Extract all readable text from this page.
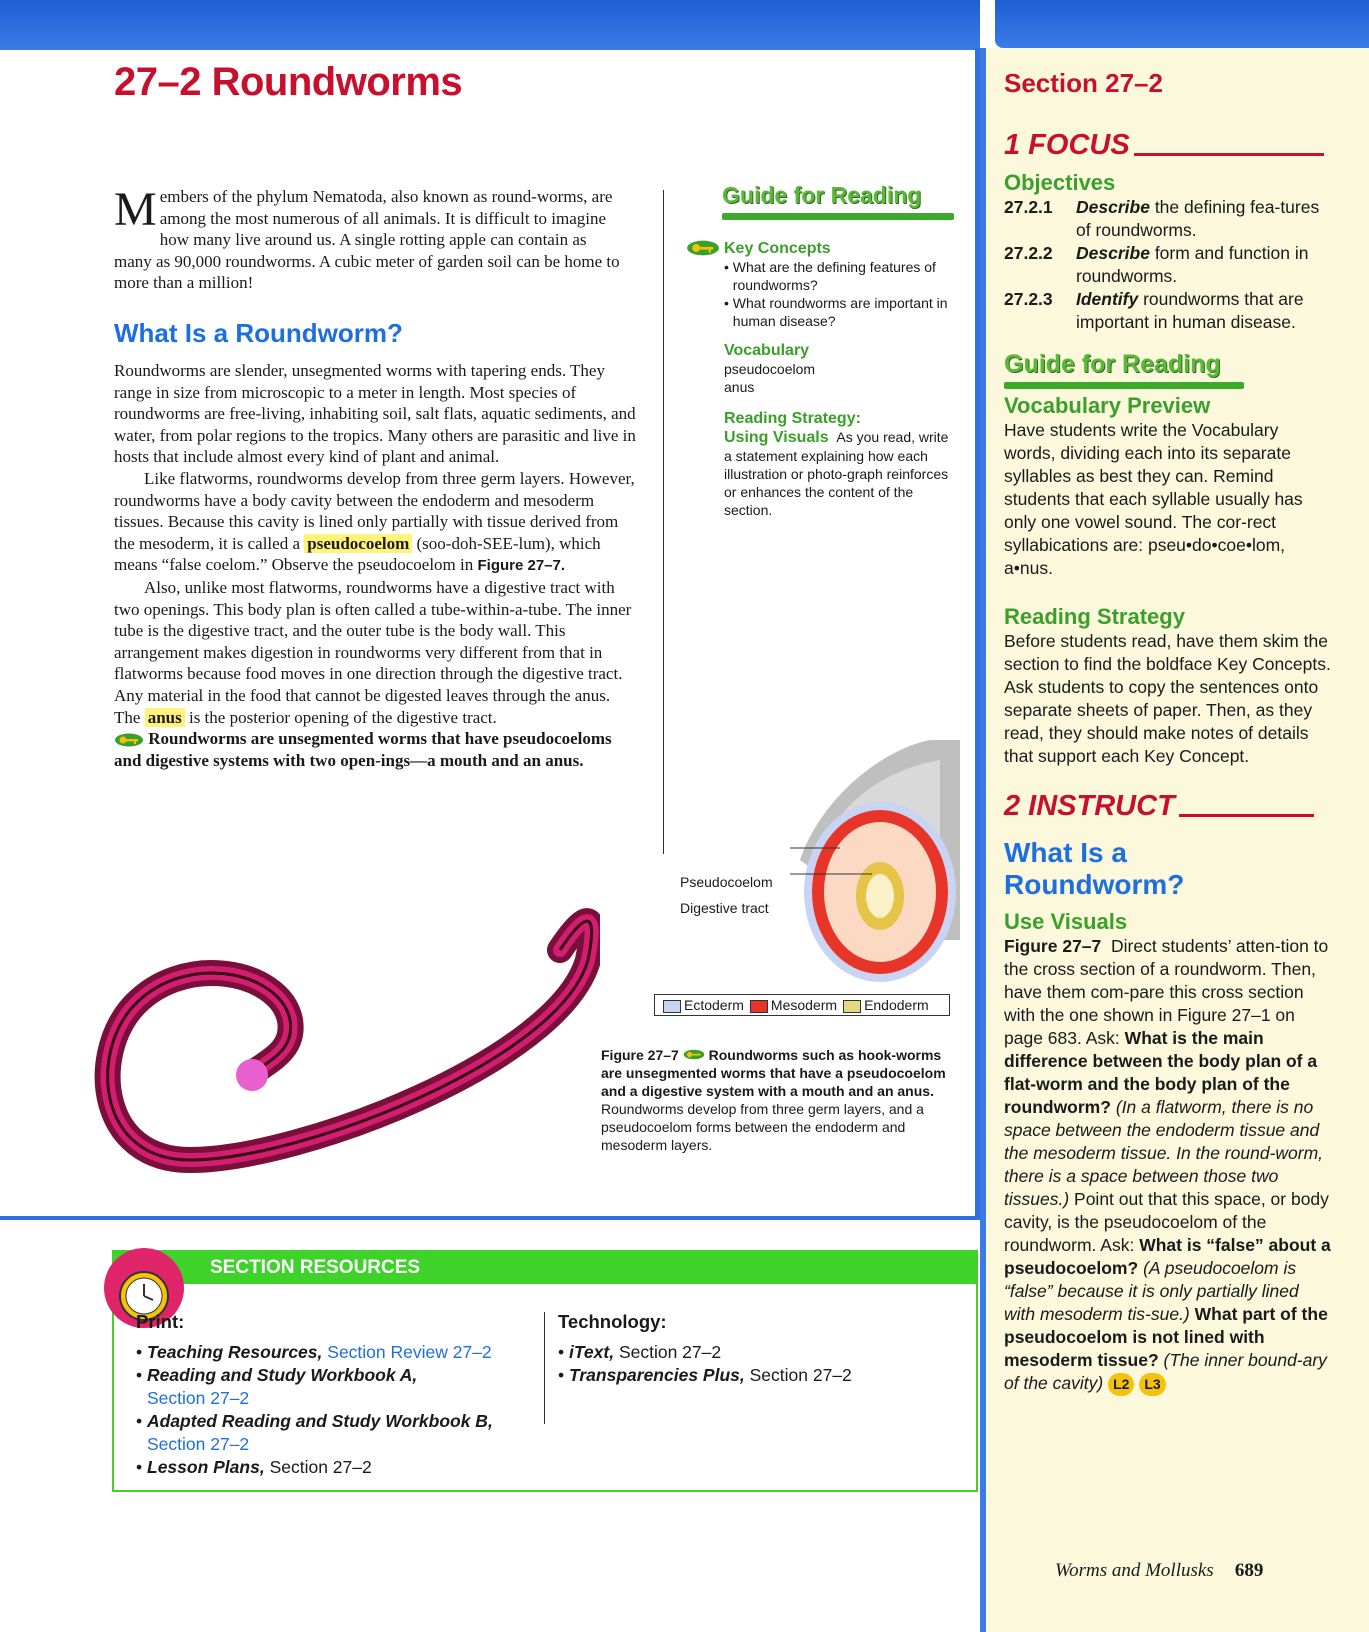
27–2 Roundworms

Members of the phylum Nematoda, also known as round-worms, are among the most numerous of all animals. It is difficult to imagine how many live around us. A single rotting apple can contain as many as 90,000 roundworms. A cubic meter of garden soil can be home to more than a million!

What Is a Roundworm?

Roundworms are slender, unsegmented worms with tapering ends. They range in size from microscopic to a meter in length. Most species of roundworms are free-living, inhabiting soil, salt flats, aquatic sediments, and water, from polar regions to the tropics. Many others are parasitic and live in hosts that include almost every kind of plant and animal.

Like flatworms, roundworms develop from three germ layers. However, roundworms have a body cavity between the endoderm and mesoderm tissues. Because this cavity is lined only partially with tissue derived from the mesoderm, it is called a pseudocoelom (soo-doh-SEE-lum), which means “false coelom.” Observe the pseudocoelom in Figure 27–7.

Also, unlike most flatworms, roundworms have a digestive tract with two openings. This body plan is often called a tube-within-a-tube. The inner tube is the digestive tract, and the outer tube is the body wall. This arrangement makes digestion in roundworms very different from that in flatworms because food moves in one direction through the digestive tract. Any material in the food that cannot be digested leaves through the anus. The anus is the posterior opening of the digestive tract.

Roundworms are unsegmented worms that have pseudocoeloms and digestive systems with two open-ings—a mouth and an anus.

Guide for Reading
Key Concepts
• What are the defining features of roundworms?
• What roundworms are important in human disease?
Vocabulary
pseudocoelom
anus
Reading Strategy:
Using Visuals As you read, write a statement explaining how each illustration or photo-graph reinforces or enhances the content of the section.
Pseudocoelom
Digestive tract
Ectoderm	Mesoderm	Endoderm
Figure 27–7 Roundworms such as hook-worms are unsegmented worms that have a pseudocoelom and a digestive system with a mouth and an anus. Roundworms develop from three germ layers, and a pseudocoelom forms between the endoderm and mesoderm layers.
SECTION RESOURCES
Print:
• Teaching Resources, Section Review 27–2
• Reading and Study Workbook A,
Section 27–2
• Adapted Reading and Study Workbook B,
Section 27–2
• Lesson Plans, Section 27–2
Technology:
• iText, Section 27–2
• Transparencies Plus, Section 27–2
Section 27–2
1 FOCUS
Objectives
27.2.1	Describe the defining fea-tures of roundworms.
27.2.2	Describe form and function in roundworms.
27.2.3	Identify roundworms that are important in human disease.
Guide for Reading
Vocabulary Preview
Have students write the Vocabulary words, dividing each into its separate syllables as best they can. Remind students that each syllable usually has only one vowel sound. The cor-rect syllabications are: pseu•do•coe•lom, a•nus.
Reading Strategy
Before students read, have them skim the section to find the boldface Key Concepts. Ask students to copy the sentences onto separate sheets of paper. Then, as they read, they should make notes of details that support each Key Concept.
2 INSTRUCT
What Is a Roundworm?
Use Visuals
Figure 27–7 Direct students’ atten-tion to the cross section of a roundworm. Then, have them com-pare this cross section with the one shown in Figure 27–1 on page 683. Ask: What is the main difference between the body plan of a flat-worm and the body plan of the roundworm? (In a flatworm, there is no space between the endoderm tissue and the mesoderm tissue. In the round-worm, there is a space between those two tissues.) Point out that this space, or body cavity, is the pseudocoelom of the roundworm. Ask: What is “false” about a pseudocoelom? (A pseudocoelom is “false” because it is only partially lined with mesoderm tis-sue.) What part of the pseudocoelom is not lined with mesoderm tissue? (The inner bound-ary of the cavity) L2 L3
Worms and Mollusks 689
